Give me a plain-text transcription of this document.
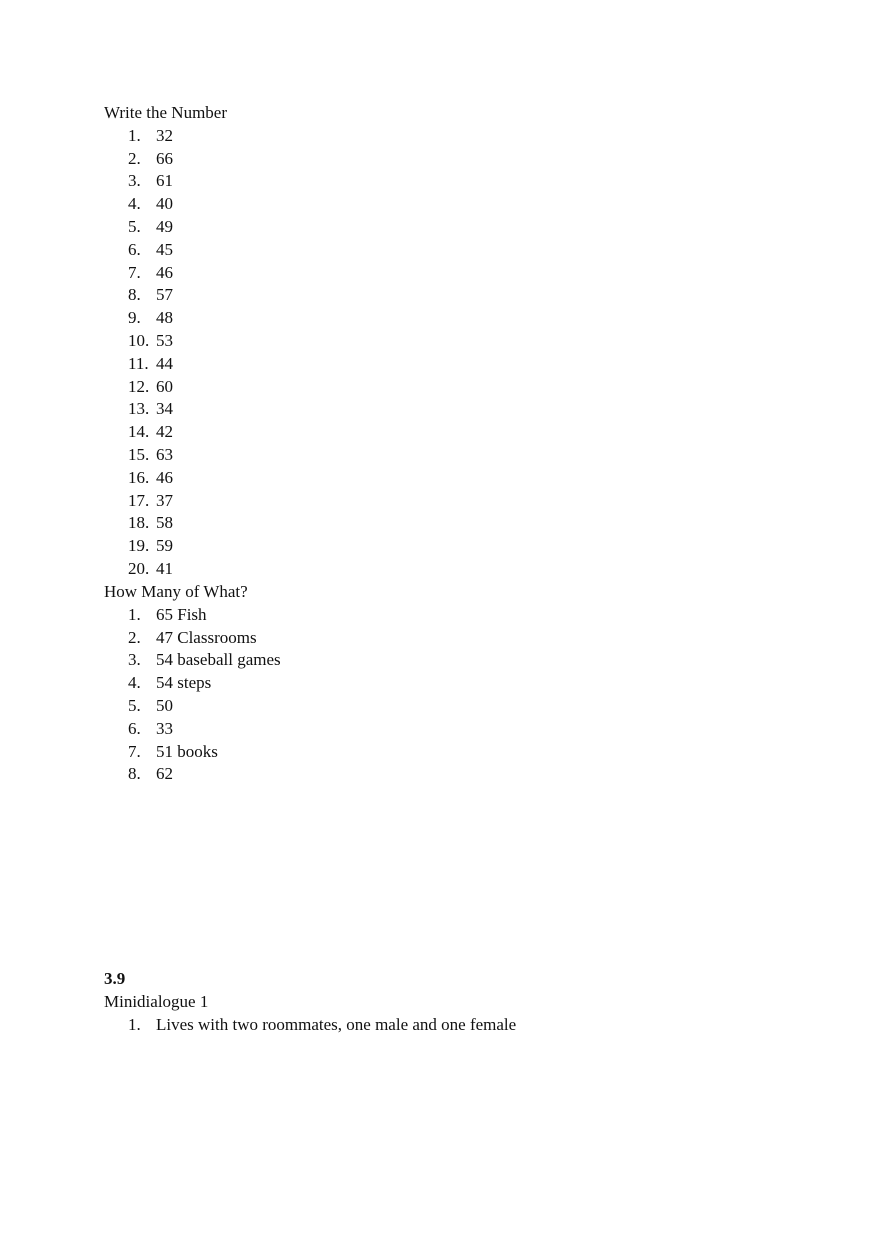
Write the Number
1. 32
2. 66
3. 61
4. 40
5. 49
6. 45
7. 46
8. 57
9. 48
10. 53
11. 44
12. 60
13. 34
14. 42
15. 63
16. 46
17. 37
18. 58
19. 59
20. 41
How Many of What?
1. 65 Fish
2. 47 Classrooms
3. 54 baseball games
4. 54 steps
5. 50
6. 33
7. 51 books
8. 62
3.9
Minidialogue 1
1. Lives with two roommates, one male and one female
